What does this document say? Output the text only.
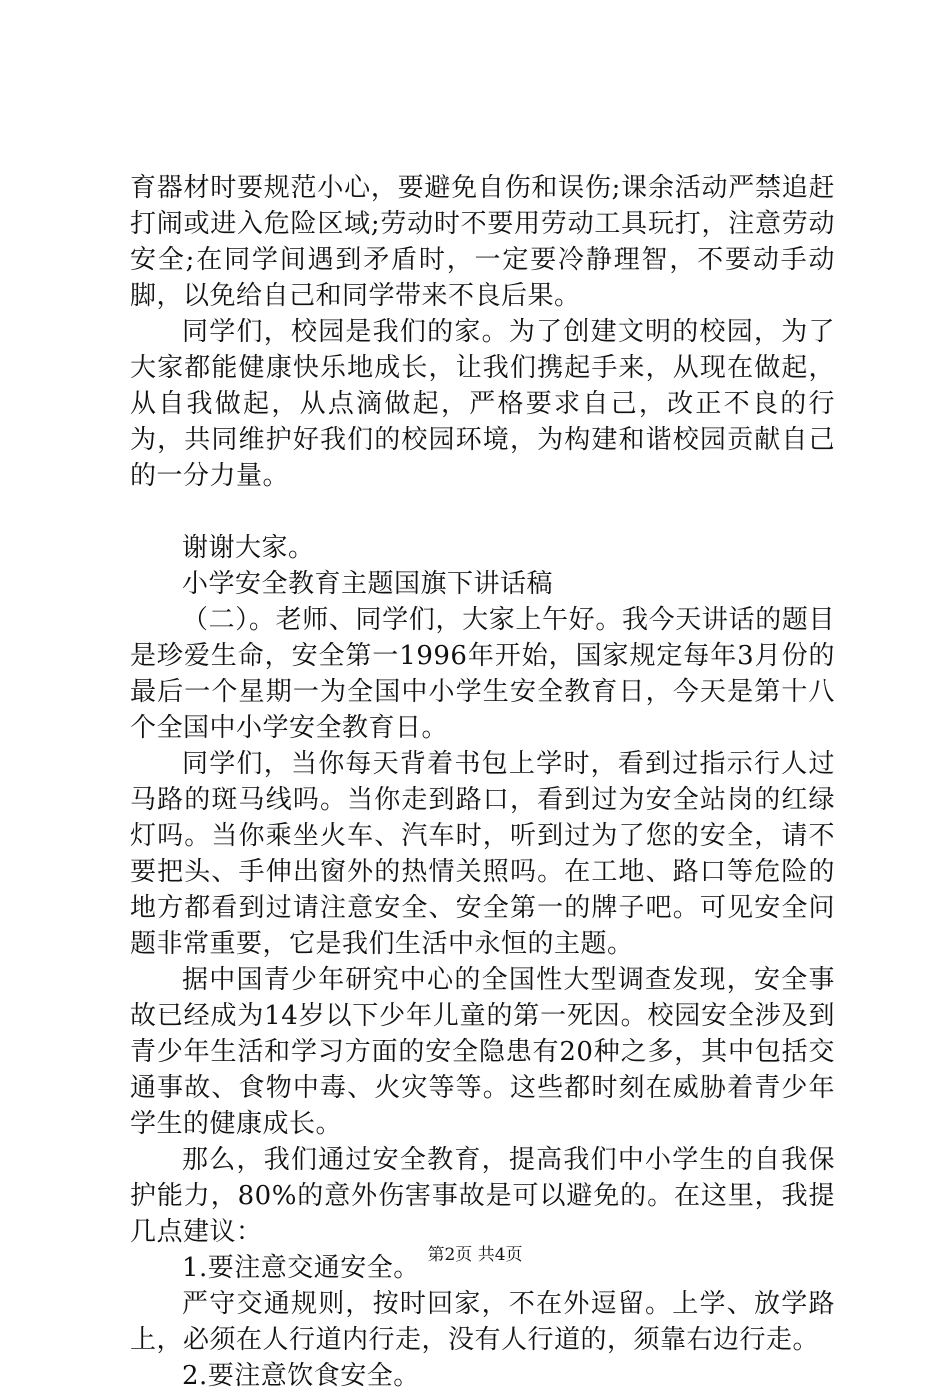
育器材时要规范小心，要避免自伤和误伤;课余活动严禁追赶打闹或进入危险区域;劳动时不要用劳动工具玩打，注意劳动安全;在同学间遇到矛盾时，一定要冷静理智，不要动手动脚，以免给自己和同学带来不良后果。

同学们，校园是我们的家。为了创建文明的校园，为了大家都能健康快乐地成长，让我们携起手来，从现在做起，从自我做起，从点滴做起，严格要求自己，改正不良的行为，共同维护好我们的校园环境，为构建和谐校园贡献自己的一分力量。

谢谢大家。

小学安全教育主题国旗下讲话稿

（二）。老师、同学们，大家上午好。我今天讲话的题目是珍爱生命，安全第一1996年开始，国家规定每年3月份的最后一个星期一为全国中小学生安全教育日，今天是第十八个全国中小学安全教育日。

同学们，当你每天背着书包上学时，看到过指示行人过马路的斑马线吗。当你走到路口，看到过为安全站岗的红绿灯吗。当你乘坐火车、汽车时，听到过为了您的安全，请不要把头、手伸出窗外的热情关照吗。在工地、路口等危险的地方都看到过请注意安全、安全第一的牌子吧。可见安全问题非常重要，它是我们生活中永恒的主题。

据中国青少年研究中心的全国性大型调查发现，安全事故已经成为14岁以下少年儿童的第一死因。校园安全涉及到青少年生活和学习方面的安全隐患有20种之多，其中包括交通事故、食物中毒、火灾等等。这些都时刻在威胁着青少年学生的健康成长。

那么，我们通过安全教育，提高我们中小学生的自我保护能力，80%的意外伤害事故是可以避免的。在这里，我提几点建议：

1.要注意交通安全。

严守交通规则，按时回家，不在外逗留。上学、放学路上，必须在人行道内行走，没有人行道的，须靠右边行走。

2.要注意饮食安全。

第2页 共4页
